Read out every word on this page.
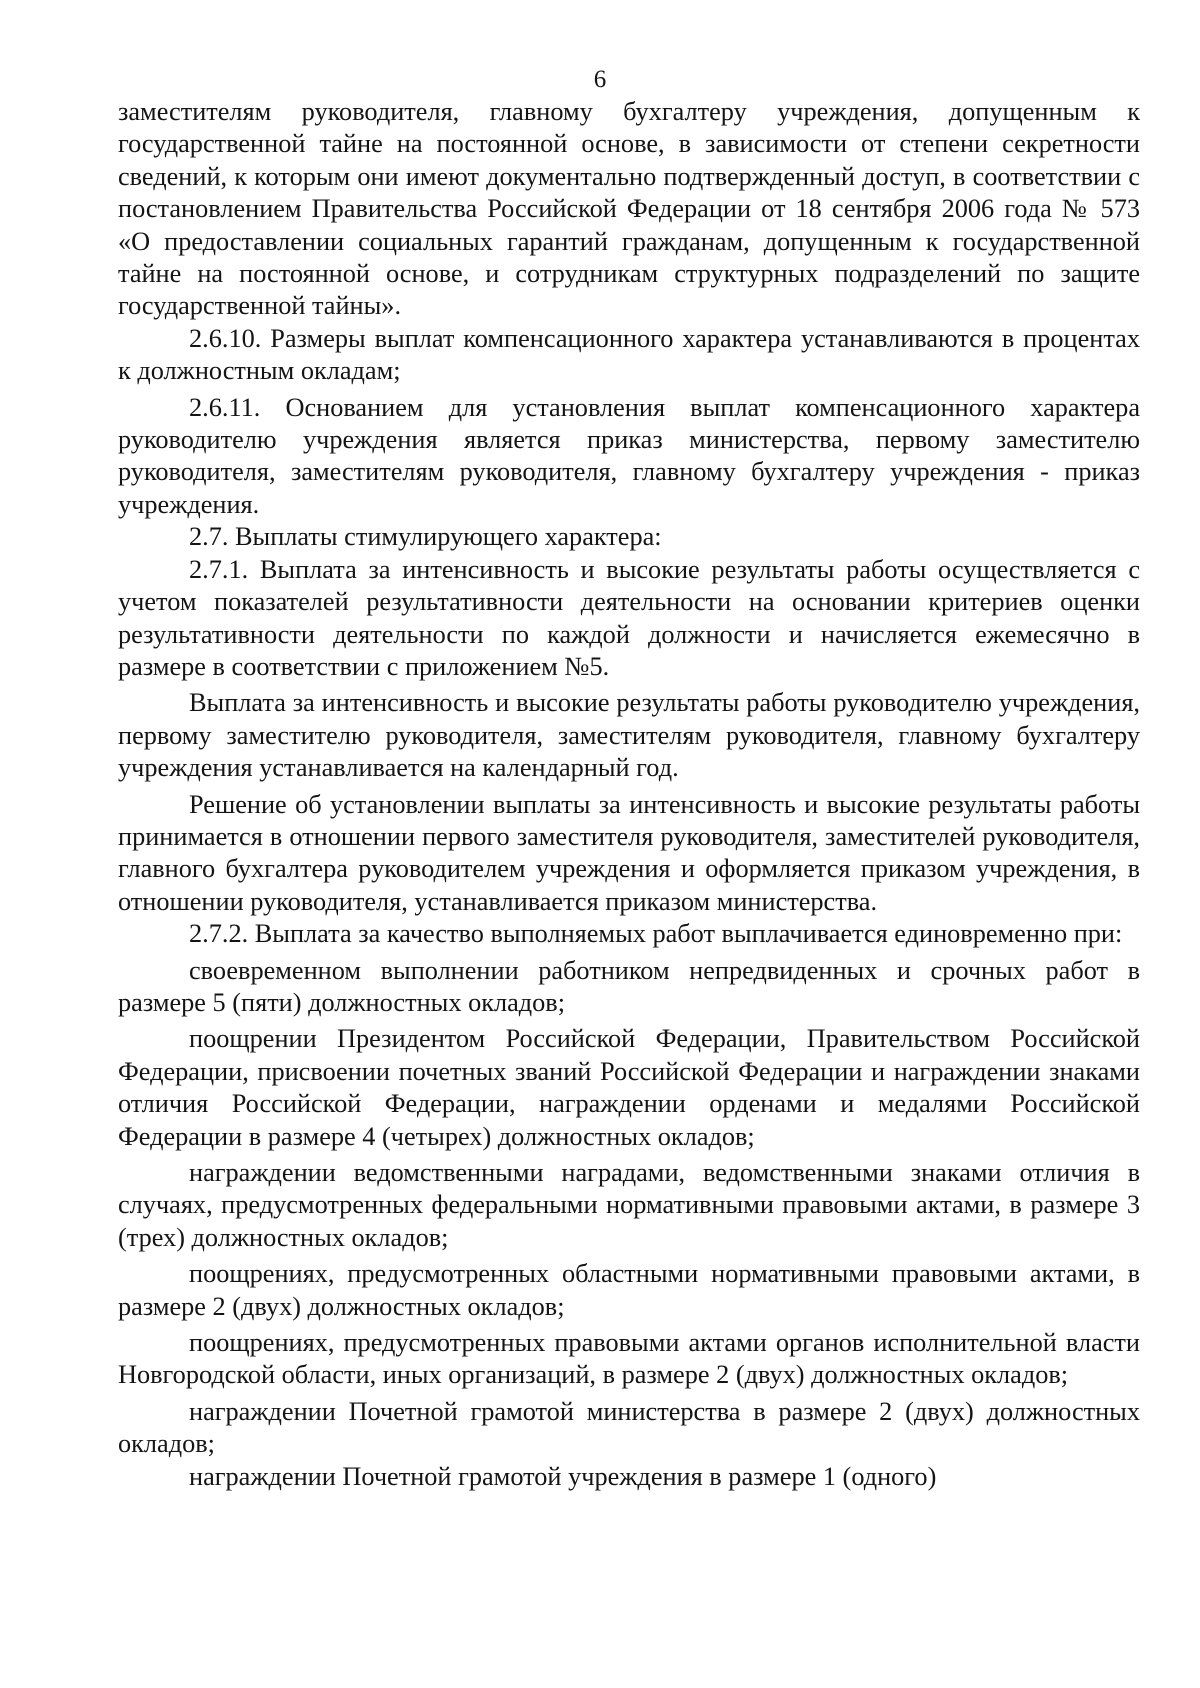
6

заместителям руководителя, главному бухгалтеру учреждения, допущенным к государственной тайне на постоянной основе, в зависимости от степени секретности сведений, к которым они имеют документально подтвержденный доступ, в соответствии с постановлением Правительства Российской Федерации от 18 сентября 2006 года № 573 «О предоставлении социальных гарантий гражданам, допущенным к государственной тайне на постоянной основе, и сотрудникам структурных подразделений по защите государственной тайны».

2.6.10. Размеры выплат компенсационного характера устанавливаются в процентах к должностным окладам;

2.6.11. Основанием для установления выплат компенсационного характера руководителю учреждения является приказ министерства, первому заместителю руководителя, заместителям руководителя, главному бухгалтеру учреждения - приказ учреждения.

2.7. Выплаты стимулирующего характера:

2.7.1. Выплата за интенсивность и высокие результаты работы осуществляется с учетом показателей результативности деятельности на основании критериев оценки результативности деятельности по каждой должности и начисляется ежемесячно в размере в соответствии с приложением №5.

Выплата за интенсивность и высокие результаты работы руководителю учреждения, первому заместителю руководителя, заместителям руководителя, главному бухгалтеру учреждения устанавливается на календарный год.

Решение об установлении выплаты за интенсивность и высокие результаты работы принимается в отношении первого заместителя руководителя, заместителей руководителя, главного бухгалтера руководителем учреждения и оформляется приказом учреждения, в отношении руководителя, устанавливается приказом министерства.

2.7.2. Выплата за качество выполняемых работ выплачивается единовременно при:

своевременном выполнении работником непредвиденных и срочных работ в размере 5 (пяти) должностных окладов;

поощрении Президентом Российской Федерации, Правительством Российской Федерации, присвоении почетных званий Российской Федерации и награждении знаками отличия Российской Федерации, награждении орденами и медалями Российской Федерации в размере 4 (четырех) должностных окладов;

награждении ведомственными наградами, ведомственными знаками отличия в случаях, предусмотренных федеральными нормативными правовыми актами, в размере 3 (трех) должностных окладов;

поощрениях, предусмотренных областными нормативными правовыми актами, в размере 2 (двух) должностных окладов;

поощрениях, предусмотренных правовыми актами органов исполнительной власти Новгородской области, иных организаций, в размере 2 (двух) должностных окладов;

награждении Почетной грамотой министерства в размере 2 (двух) должностных окладов;

награждении Почетной грамотой учреждения в размере 1 (одного)
